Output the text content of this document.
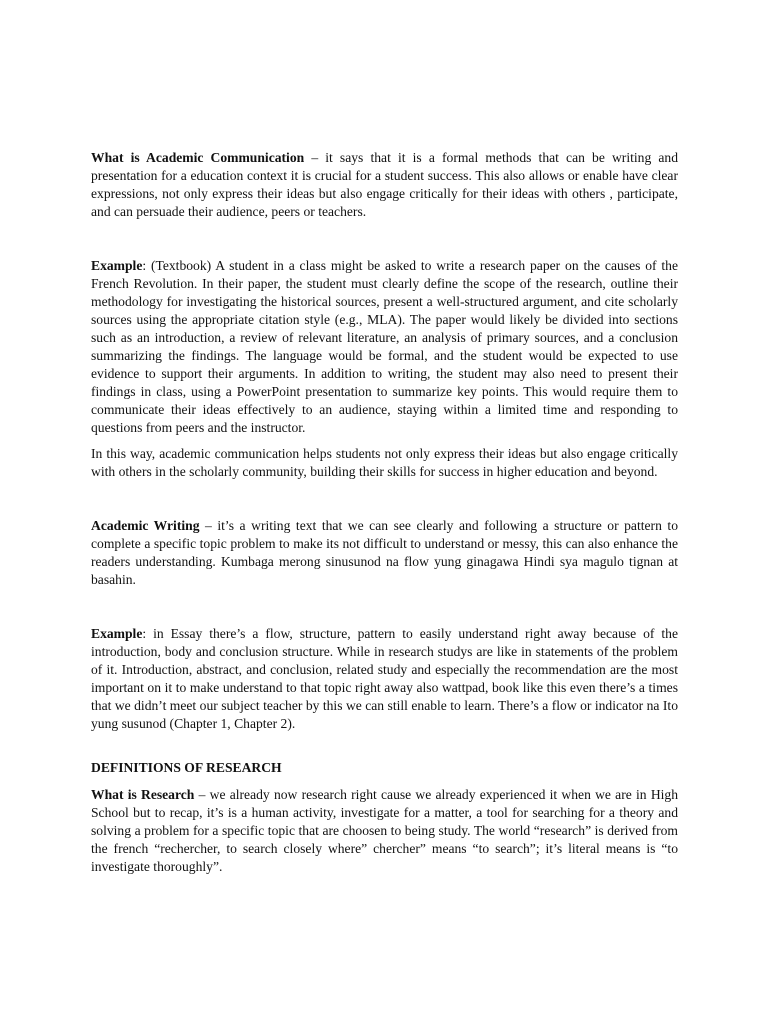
What is Academic Communication – it says that it is a formal methods that can be writing and presentation for a education context it is crucial for a student success. This also allows or enable have clear expressions, not only express their ideas but also engage critically for their ideas with others , participate, and can persuade their audience, peers or teachers.

Example: (Textbook) A student in a class might be asked to write a research paper on the causes of the French Revolution. In their paper, the student must clearly define the scope of the research, outline their methodology for investigating the historical sources, present a well-structured argument, and cite scholarly sources using the appropriate citation style (e.g., MLA). The paper would likely be divided into sections such as an introduction, a review of relevant literature, an analysis of primary sources, and a conclusion summarizing the findings. The language would be formal, and the student would be expected to use evidence to support their arguments. In addition to writing, the student may also need to present their findings in class, using a PowerPoint presentation to summarize key points. This would require them to communicate their ideas effectively to an audience, staying within a limited time and responding to questions from peers and the instructor.

In this way, academic communication helps students not only express their ideas but also engage critically with others in the scholarly community, building their skills for success in higher education and beyond.

Academic Writing – it’s a writing text that we can see clearly and following a structure or pattern to complete a specific topic problem to make its not difficult to understand or messy, this can also enhance the readers understanding. Kumbaga merong sinusunod na flow yung ginagawa Hindi sya magulo tignan at basahin.

Example: in Essay there’s a flow, structure, pattern to easily understand right away because of the introduction, body and conclusion structure. While in research studys are like in statements of the problem of it. Introduction, abstract, and conclusion, related study and especially the recommendation are the most important on it to make understand to that topic right away also wattpad, book like this even there’s a times that we didn’t meet our subject teacher by this we can still enable to learn. There’s a flow or indicator na Ito yung susunod (Chapter 1, Chapter 2).

DEFINITIONS OF RESEARCH

What is Research – we already now research right cause we already experienced it when we are in High School but to recap, it’s is a human activity, investigate for a matter, a tool for searching for a theory and solving a problem for a specific topic that are choosen to being study. The world “research” is derived from the french “rechercher, to search closely where” chercher” means “to search”; it’s literal means is “to investigate thoroughly”.
